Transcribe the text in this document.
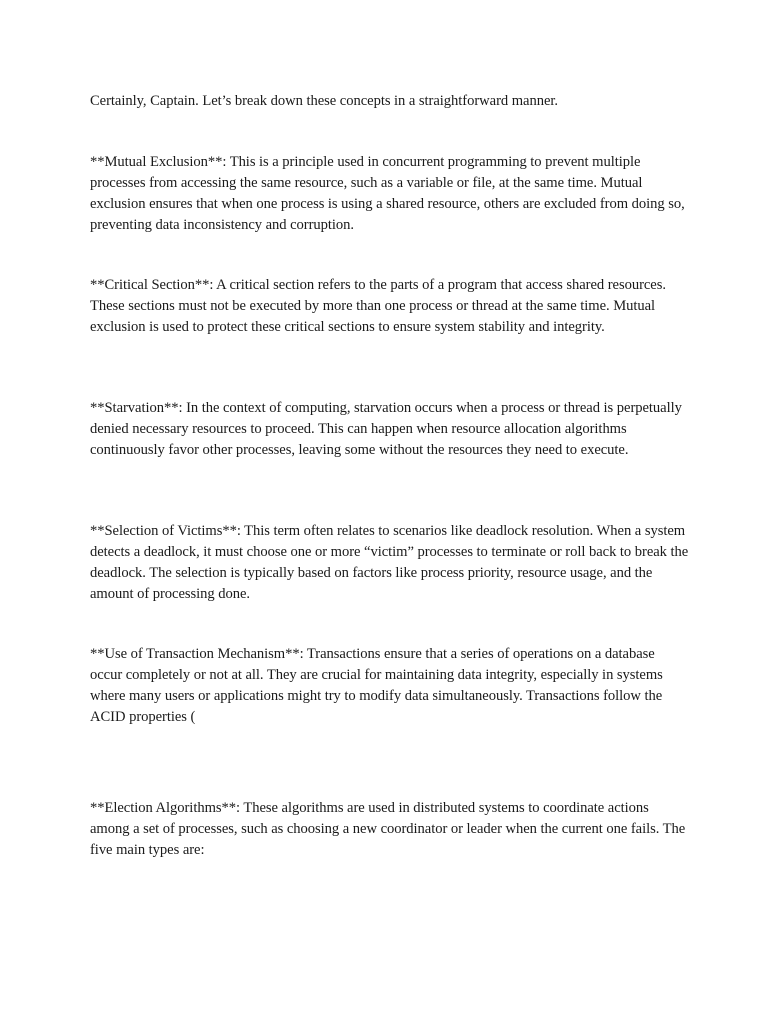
Certainly, Captain. Let’s break down these concepts in a straightforward manner.

**Mutual Exclusion**: This is a principle used in concurrent programming to prevent multiple processes from accessing the same resource, such as a variable or file, at the same time. Mutual exclusion ensures that when one process is using a shared resource, others are excluded from doing so, preventing data inconsistency and corruption.

**Critical Section**: A critical section refers to the parts of a program that access shared resources. These sections must not be executed by more than one process or thread at the same time. Mutual exclusion is used to protect these critical sections to ensure system stability and integrity.

**Starvation**: In the context of computing, starvation occurs when a process or thread is perpetually denied necessary resources to proceed. This can happen when resource allocation algorithms continuously favor other processes, leaving some without the resources they need to execute.

**Selection of Victims**: This term often relates to scenarios like deadlock resolution. When a system detects a deadlock, it must choose one or more “victim” processes to terminate or roll back to break the deadlock. The selection is typically based on factors like process priority, resource usage, and the amount of processing done.

**Use of Transaction Mechanism**: Transactions ensure that a series of operations on a database occur completely or not at all. They are crucial for maintaining data integrity, especially in systems where many users or applications might try to modify data simultaneously. Transactions follow the ACID properties (

**Election Algorithms**: These algorithms are used in distributed systems to coordinate actions among a set of processes, such as choosing a new coordinator or leader when the current one fails. The five main types are:
